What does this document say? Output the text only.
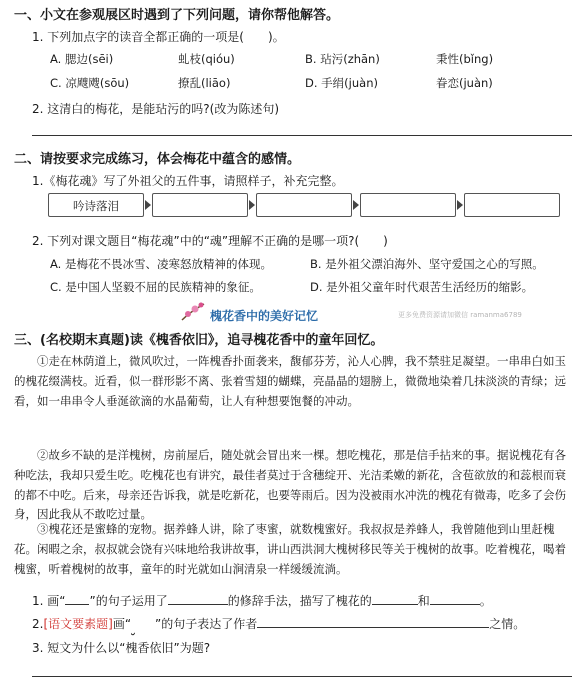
一、小文在参观展区时遇到了下列问题，请你帮他解答。
1. 下列加点字的读音全都正确的一项是(　　)。
A. 腮边(sēi)	虬枝(qióu)	B. 玷污(zhān)	秉性(bǐng)
C. 凉飕飕(sōu)	撩乱(liāo)	D. 手绢(juàn)	眷恋(juàn)
2. 这清白的梅花，是能玷污的吗?(改为陈述句)
二、请按要求完成练习，体会梅花中蕴含的感情。
1.《梅花魂》写了外祖父的五件事，请照样子，补充完整。
吟诗落泪
2. 下列对课文题目“梅花魂”中的“魂”理解不正确的是哪一项?(　　)
A. 是梅花不畏冰雪、凌寒怒放精神的体现。	B. 是外祖父漂泊海外、坚守爱国之心的写照。
C. 是中国人坚毅不屈的民族精神的象征。	D. 是外祖父童年时代艰苦生活经历的缩影。
槐花香中的美好记忆	更多免费资源请加微信 ramanma6789
三、(名校期末真题)读《槐香依旧》，追寻槐花香中的童年回忆。
①走在林荫道上，微风吹过，一阵槐香扑面袭来，馥郁芬芳，沁人心脾，我不禁驻足凝望。一串串白如玉的槐花缀满枝。近看，似一群形影不离、张着雪翅的蝴蝶，亮晶晶的翅膀上，微微地染着几抹淡淡的青绿；远看，如一串串令人垂涎欲滴的水晶葡萄，让人有种想要饱餐的冲动。
②故乡不缺的是洋槐树，房前屋后，随处就会冒出来一棵。想吃槐花，那是信手拈来的事。据说槐花有各种吃法，我却只爱生吃。吃槐花也有讲究，最佳者莫过于含穗绽开、光洁柔嫩的新花，含苞欲放的和蕊根而衰的都不中吃。后来，母亲还告诉我，就是吃新花，也要等雨后。因为没被雨水冲洗的槐花有微毒，吃多了会伤身，因此我从不敢吃过量。
③槐花还是蜜蜂的宠物。据养蜂人讲，除了枣蜜，就数槐蜜好。我叔叔是养蜂人，我曾随他到山里赶槐花。闲暇之余，叔叔就会饶有兴味地给我讲故事，讲山西洪洞大槐树移民等关于槐树的故事。吃着槐花，喝着槐蜜，听着槐树的故事，童年的时光就如山涧清泉一样缓缓流淌。
1. 画“ ”的句子运用了	的修辞手法，描写了槐花的	和	。
2.[语文要素题]画“ ”的句子表达了作者	之情。
3. 短文为什么以“槐香依旧”为题?
